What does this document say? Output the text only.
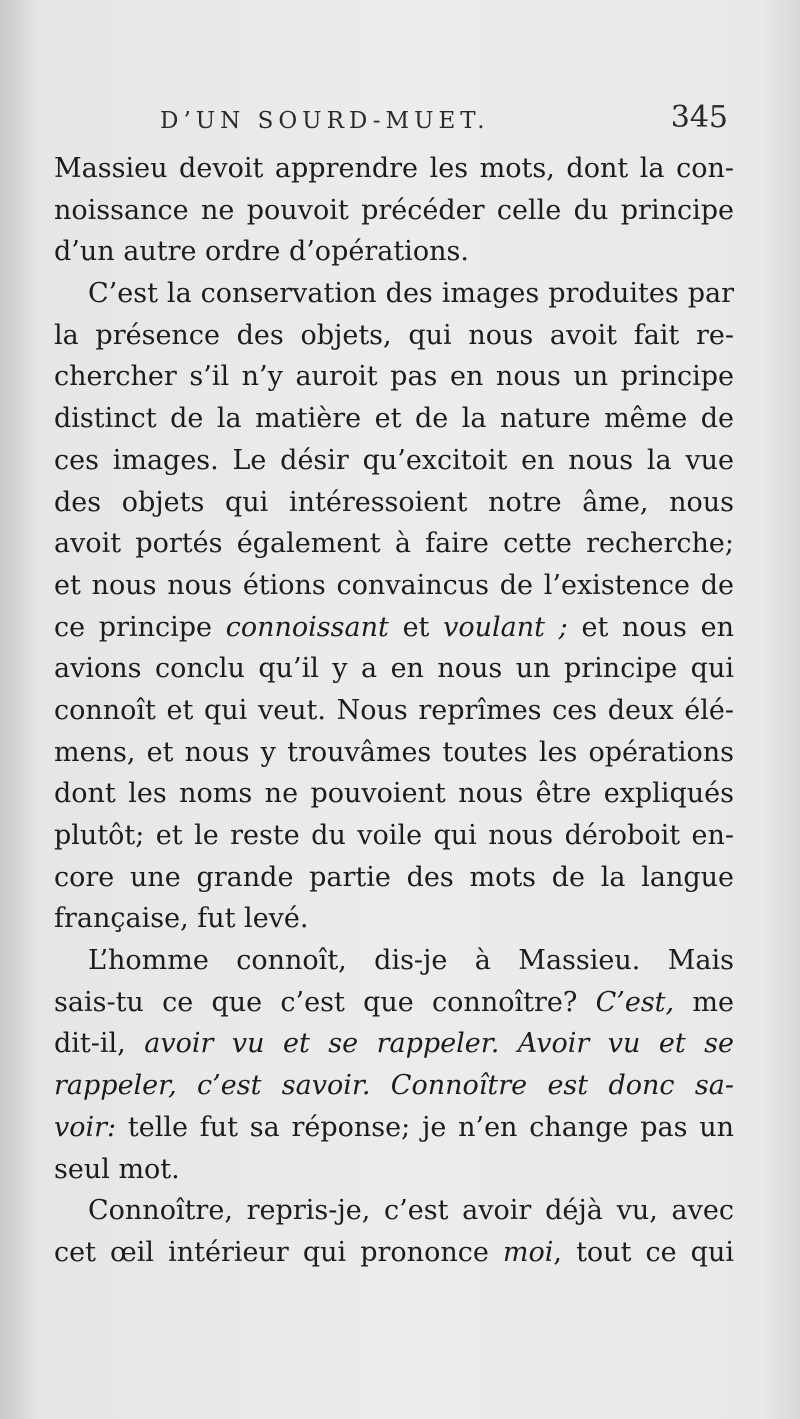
D’UN SOURD-MUET.	345
Massieu devoit apprendre les mots, dont la con-
noissance ne pouvoit précéder celle du principe
d’un autre ordre d’opérations.
C’est la conservation des images produites par
la présence des objets, qui nous avoit fait re-
chercher s’il n’y auroit pas en nous un principe
distinct de la matière et de la nature même de
ces images. Le désir qu’excitoit en nous la vue
des objets qui intéressoient notre âme, nous
avoit portés également à faire cette recherche;
et nous nous étions convaincus de l’existence de
ce principe connoissant et voulant ; et nous en
avions conclu qu’il y a en nous un principe qui
connoît et qui veut. Nous reprîmes ces deux élé-
mens, et nous y trouvâmes toutes les opérations
dont les noms ne pouvoient nous être expliqués
plutôt; et le reste du voile qui nous déroboit en-
core une grande partie des mots de la langue
française, fut levé.
L’homme connoît, dis-je à Massieu. Mais
sais-tu ce que c’est que connoître? C’est, me
dit-il, avoir vu et se rappeler. Avoir vu et se
rappeler, c’est savoir. Connoître est donc sa-
voir: telle fut sa réponse; je n’en change pas un
seul mot.
Connoître, repris-je, c’est avoir déjà vu, avec
cet œil intérieur qui prononce moi, tout ce qui
